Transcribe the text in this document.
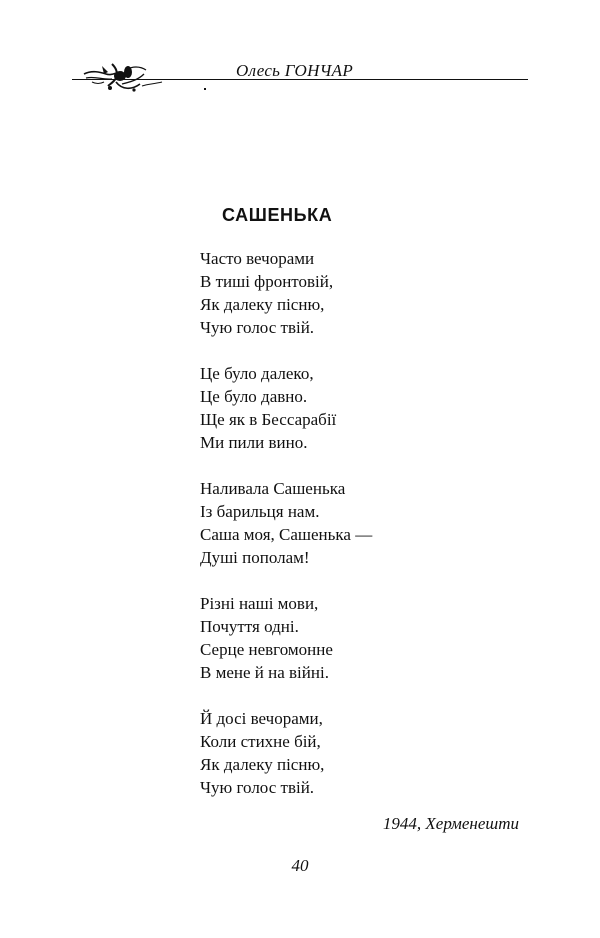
Олесь ГОНЧАР
САШЕНЬКА
Часто вечорами
В тиші фронтовій,
Як далеку пісню,
Чую голос твій.
Це було далеко,
Це було давно.
Ще як в Бессарабії
Ми пили вино.
Наливала Сашенька
Із барильця нам.
Саша моя, Сашенька —
Душі пополам!
Різні наші мови,
Почуття одні.
Серце невгомонне
В мене й на війні.
Й досі вечорами,
Коли стихне бій,
Як далеку пісню,
Чую голос твій.
1944, Херменешти
40
